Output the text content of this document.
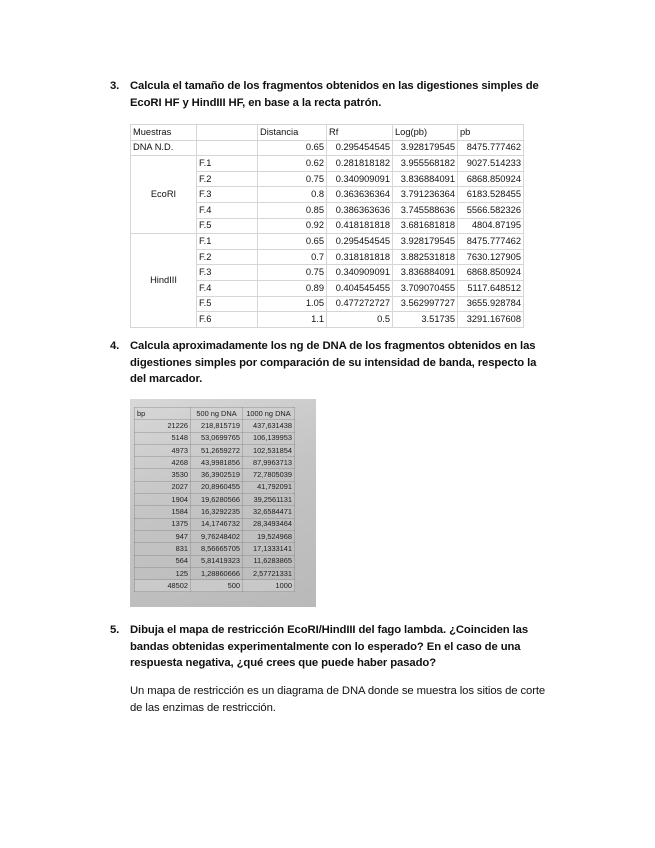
3. Calcula el tamaño de los fragmentos obtenidos en las digestiones simples de EcoRI HF y HindIII HF, en base a la recta patrón.
Muestras		Distancia	Rf	Log(pb)	pb
DNA N.D.		0.65	0.295454545	3.928179545	8475.777462
EcoRI	F.1	0.62	0.281818182	3.955568182	9027.514233
	F.2	0.75	0.340909091	3.836884091	6868.850924
	F.3	0.8	0.363636364	3.791236364	6183.528455
	F.4	0.85	0.386363636	3.745588636	5566.582326
	F.5	0.92	0.418181818	3.681681818	4804.87195
HindIII	F.1	0.65	0.295454545	3.928179545	8475.777462
	F.2	0.7	0.318181818	3.882531818	7630.127905
	F.3	0.75	0.340909091	3.836884091	6868.850924
	F.4	0.89	0.404545455	3.709070455	5117.648512
	F.5	1.05	0.477272727	3.562997727	3655.928784
	F.6	1.1	0.5	3.51735	3291.167608
4. Calcula aproximadamente los ng de DNA de los fragmentos obtenidos en las digestiones simples por comparación de su intensidad de banda, respecto la del marcador.
bp	500 ng DNA	1000 ng DNA
21226	218,815719	437,631438
5148	53,0699765	106,139953
4973	51,2659272	102,531854
4268	43,9981856	87,9963713
3530	36,3902519	72,7805039
2027	20,8960455	41,792091
1904	19,6280566	39,2561131
1584	16,3292235	32,6584471
1375	14,1746732	28,3493464
947	9,76248402	19,524968
831	8,56665705	17,1333141
564	5,81419323	11,6283865
125	1,28860666	2,57721331
48502	500	1000
5. Dibuja el mapa de restricción EcoRI/HindIII del fago lambda. ¿Coinciden las bandas obtenidas experimentalmente con lo esperado? En el caso de una respuesta negativa, ¿qué crees que puede haber pasado?
Un mapa de restricción es un diagrama de DNA donde se muestra los sitios de corte de las enzimas de restricción.
